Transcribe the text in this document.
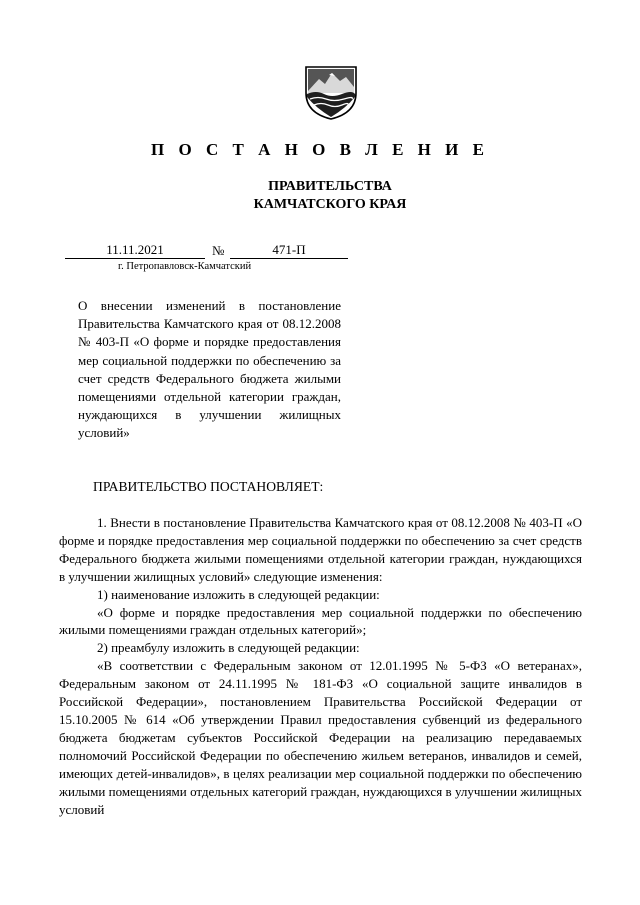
П О С Т А Н О В Л Е Н И Е
ПРАВИТЕЛЬСТВА
КАМЧАТСКОГО КРАЯ
11.11.2021	№	471-П
г. Петропавловск-Камчатский
О внесении изменений в постановление Правительства Камчатского края от 08.12.2008 № 403-П «О форме и порядке предоставления мер социальной поддержки по обеспечению за счет средств Федерального бюджета жилыми помещениями отдельной категории граждан, нуждающихся в улучшении жилищных условий»
ПРАВИТЕЛЬСТВО ПОСТАНОВЛЯЕТ:

1. Внести в постановление Правительства Камчатского края от 08.12.2008 № 403-П «О форме и порядке предоставления мер социальной поддержки по обеспечению за счет средств Федерального бюджета жилыми помещениями отдельной категории граждан, нуждающихся в улучшении жилищных условий» следующие изменения:

1) наименование изложить в следующей редакции:

«О форме и порядке предоставления мер социальной поддержки по обеспечению жилыми помещениями граждан отдельных категорий»;

2) преамбулу изложить в следующей редакции:

«В соответствии с Федеральным законом от 12.01.1995 № 5-ФЗ «О ветеранах», Федеральным законом от 24.11.1995 № 181-ФЗ «О социальной защите инвалидов в Российской Федерации», постановлением Правительства Российской Федерации от 15.10.2005 № 614 «Об утверждении Правил предоставления субвенций из федерального бюджета бюджетам субъектов Российской Федерации на реализацию передаваемых полномочий Российской Федерации по обеспечению жильем ветеранов, инвалидов и семей, имеющих детей-инвалидов», в целях реализации мер социальной поддержки по обеспечению жилыми помещениями отдельных категорий граждан, нуждающихся в улучшении жилищных условий
